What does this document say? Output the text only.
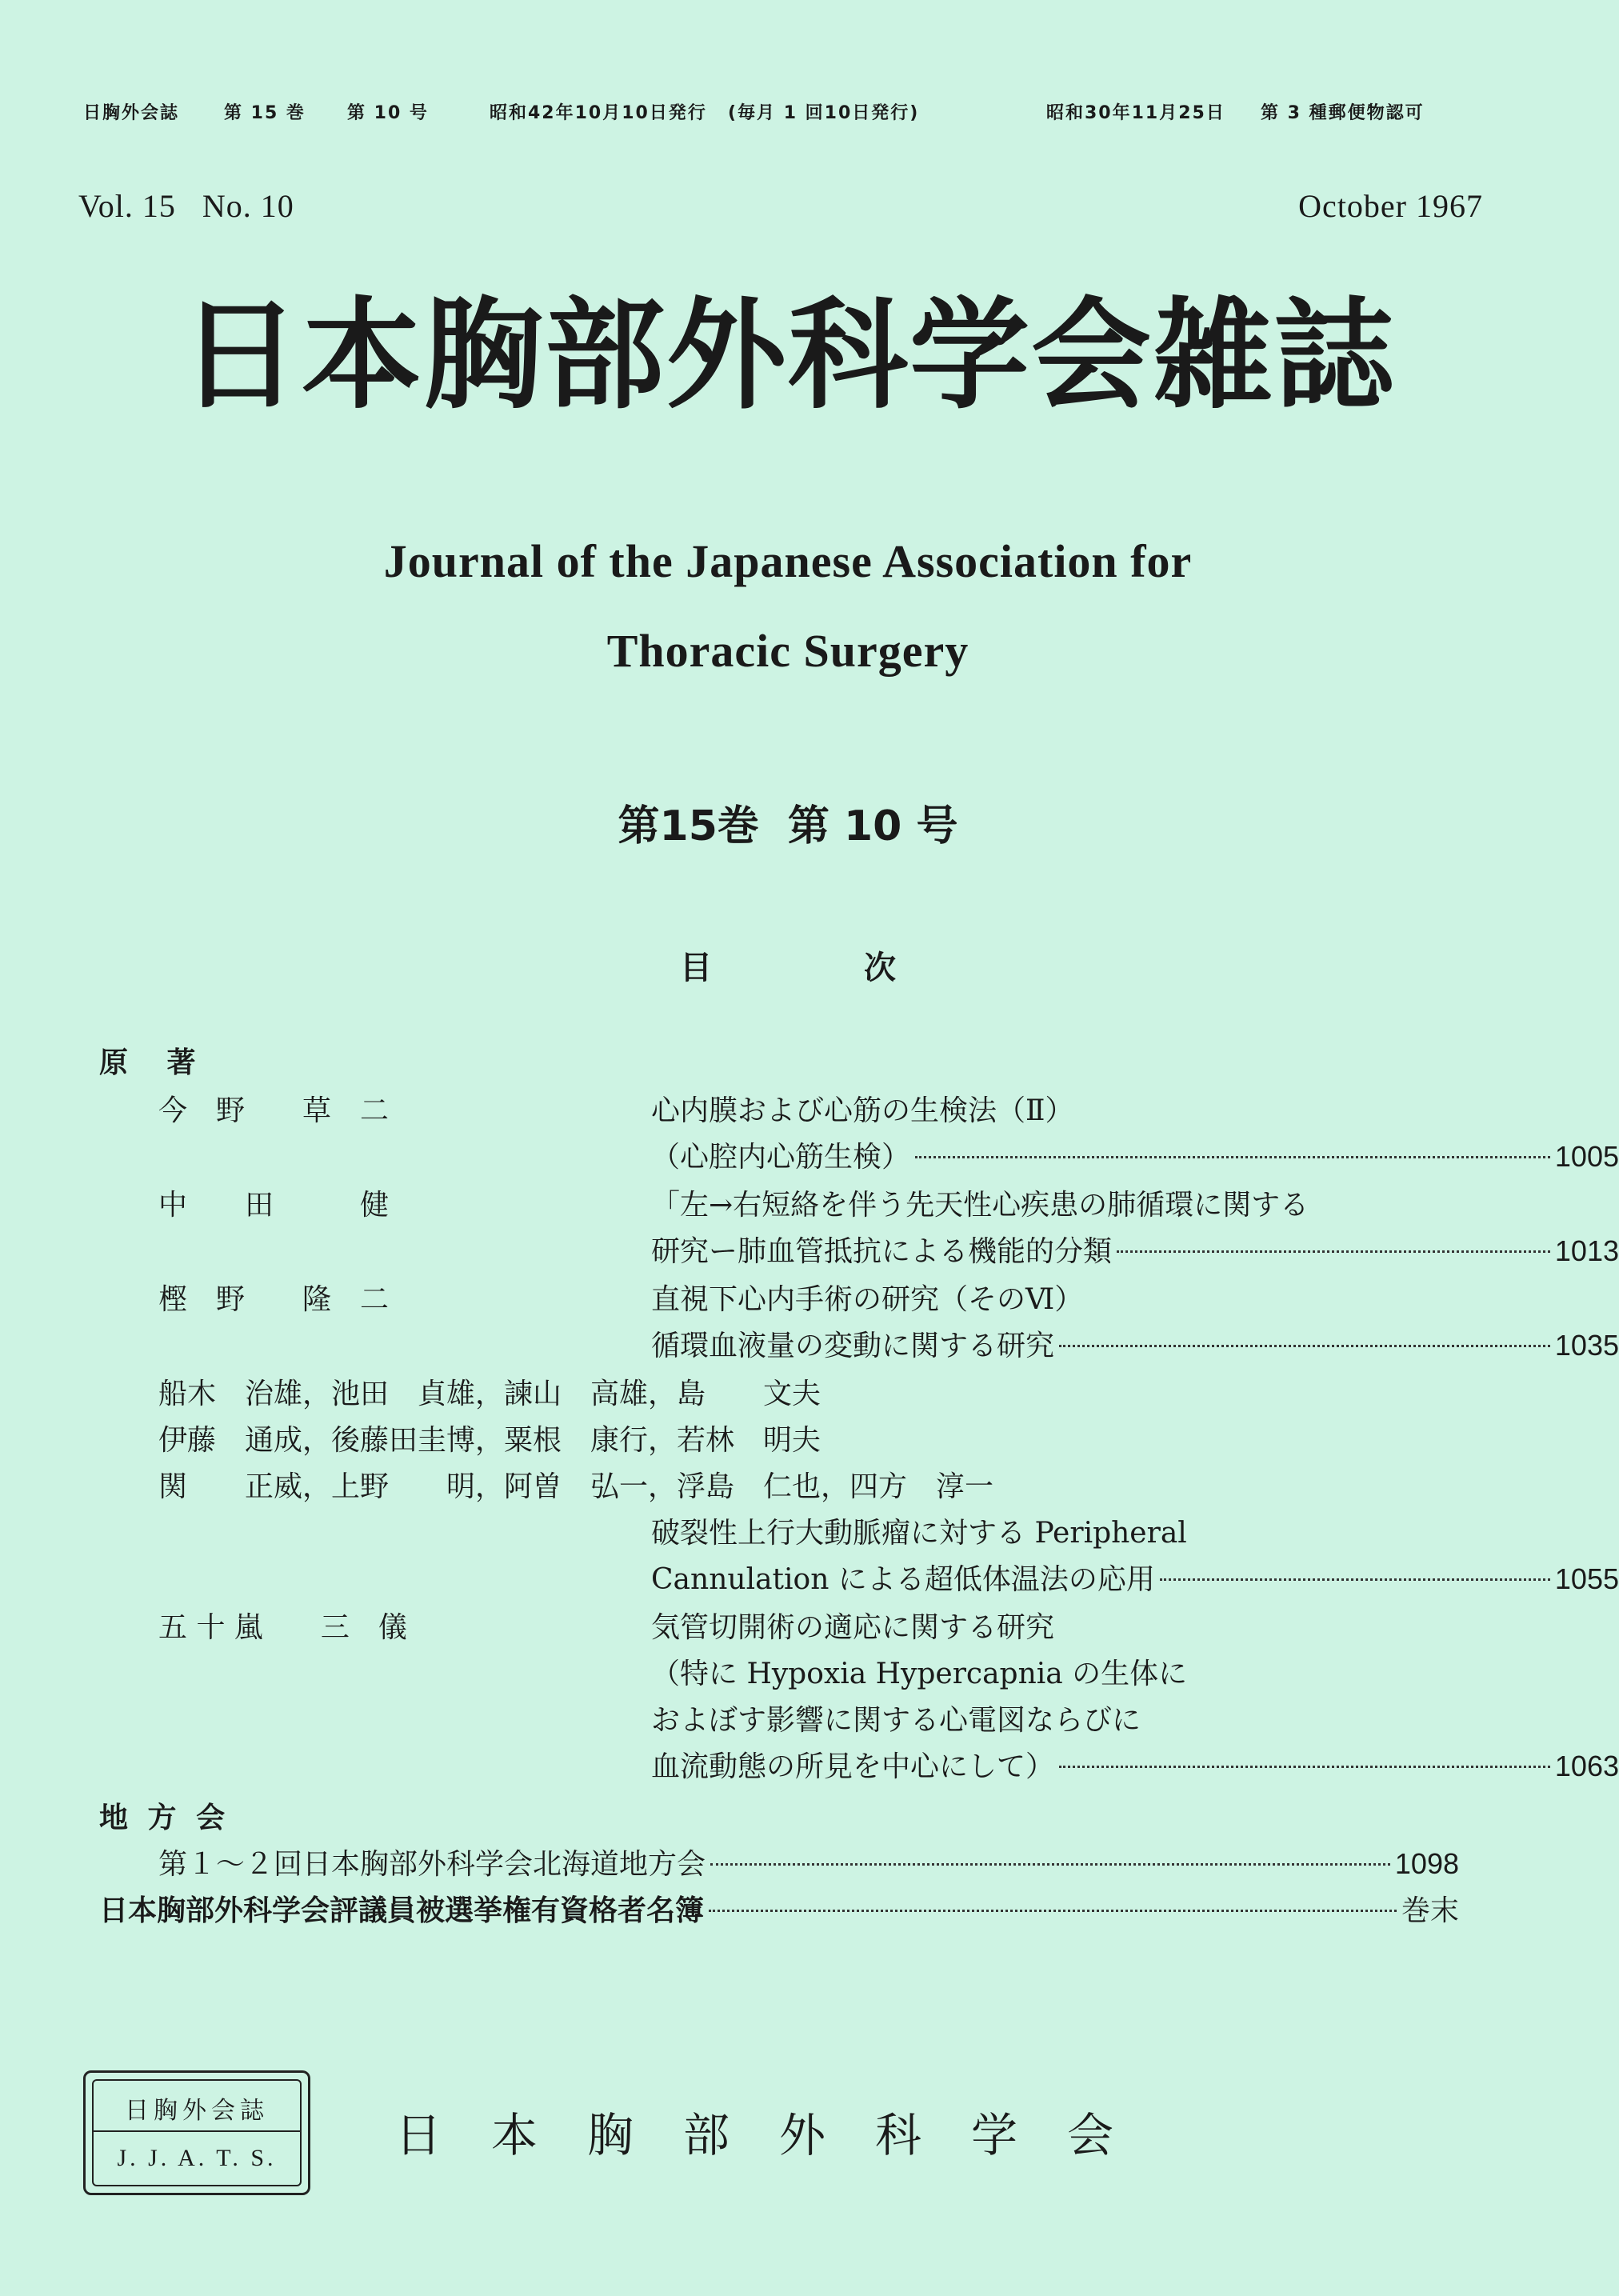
日胸外会誌	第 15 巻 第 10 号	昭和42年10月10日発行 (毎月 1 回10日発行)	昭和30年11月25日 第 3 種郵便物認可
Vol. 15 No. 10	October 1967
日本胸部外科学会雑誌
Journal of the Japanese Association for
Thoracic Surgery
第15巻 第 10 号
目	次
原 著
今　野　　草　二	心内膜および心筋の生検法（Ⅱ）
（心腔内心筋生検）	1005
中　　田　　　健	「左→右短絡を伴う先天性心疾患の肺循環に関する
研究ー肺血管抵抗による機能的分類	1013
樫　野　　隆　二	直視下心内手術の研究（そのⅥ）
循環血液量の変動に関する研究	1035
船木　治雄，池田　貞雄，諫山　高雄，島　　文夫
伊藤　通成，後藤田圭博，粟根　康行，若林　明夫
関　　正威，上野　　明，阿曽　弘一，浮島　仁也，四方　淳一
破裂性上行大動脈瘤に対する Peripheral
Cannulation による超低体温法の応用	1055
五 十 嵐　　三　儀	気管切開術の適応に関する研究
（特に Hypoxia Hypercapnia の生体に
およぼす影響に関する心電図ならびに
血流動態の所見を中心にして）	1063
地 方 会
第１～２回日本胸部外科学会北海道地方会	1098
日本胸部外科学会評議員被選挙権有資格者名簿	巻末
日胸外会誌
J. J. A. T. S.	日本胸部外科学会
